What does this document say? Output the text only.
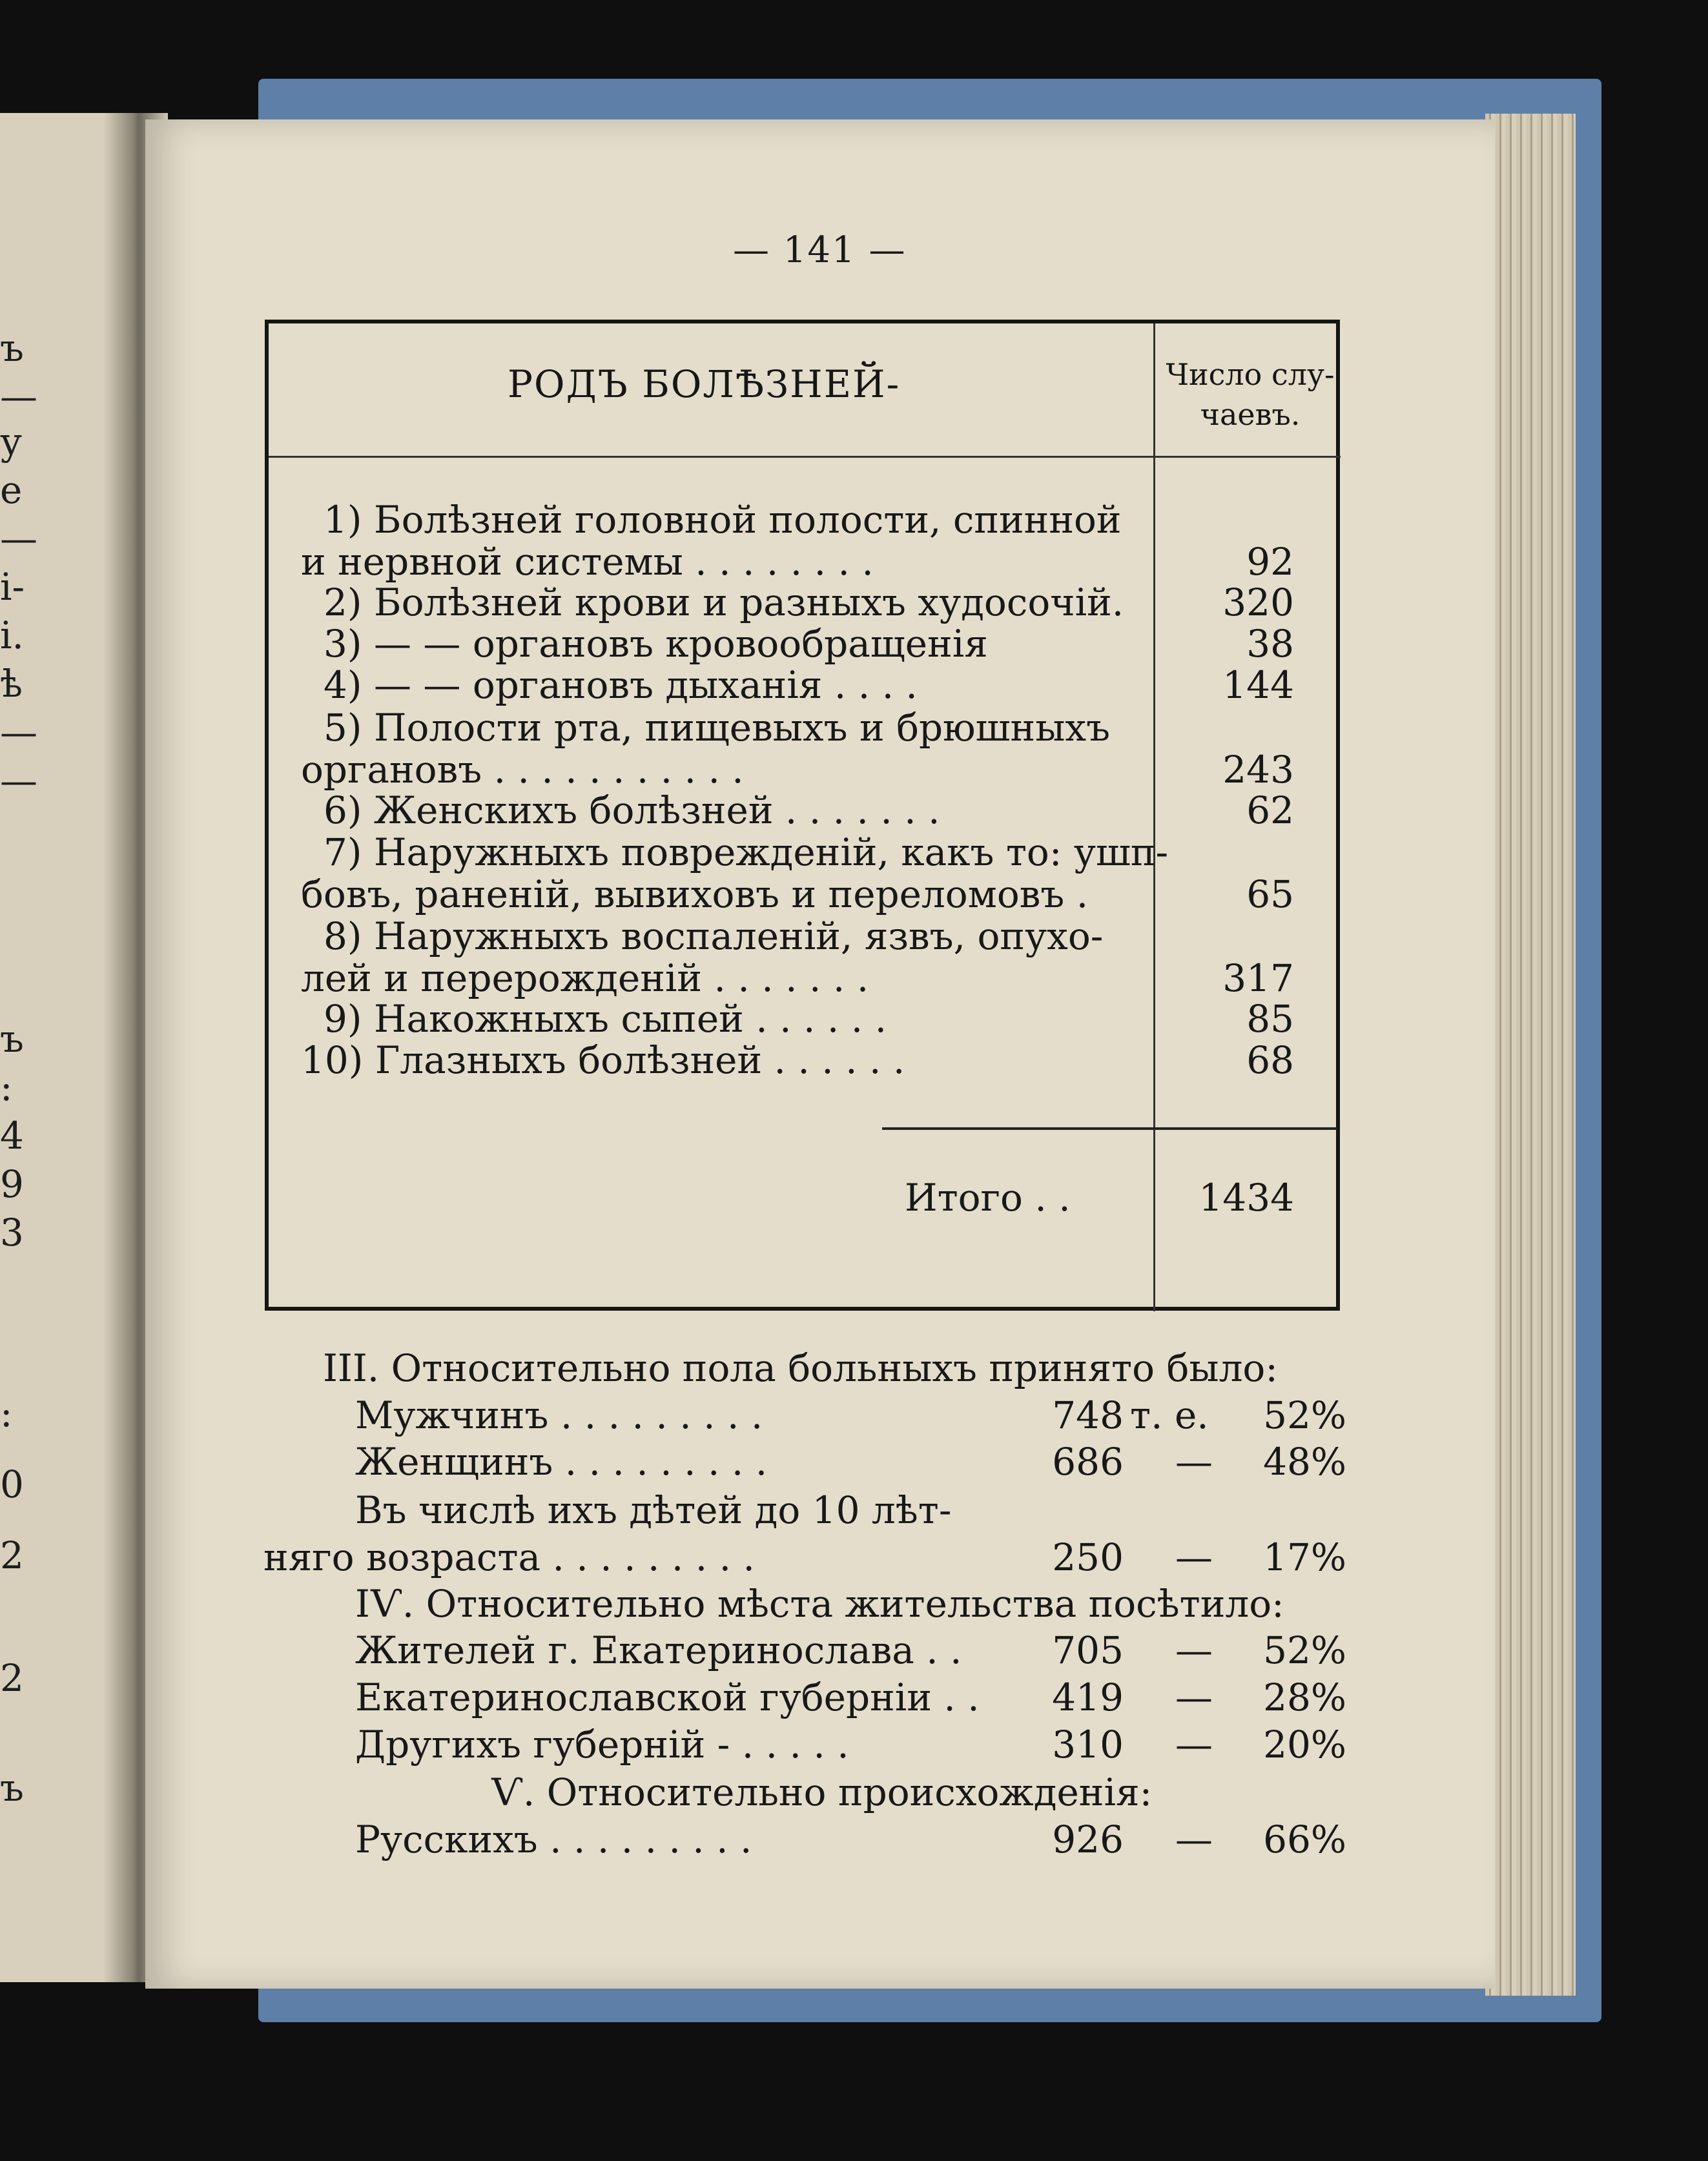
ъ
—
у
е
—
і-
і.
ѣ
—
—
ъ
:
4
9
3
:
0
2
2
ъ
— 141 —
РОДЪ БОЛѢЗНЕЙ-	Число слу-
чаевъ.
1) Болѣзней головной полости, спинной
и нервной системы . . . . . . . .	92
2) Болѣзней крови и разныхъ худосочій.	320
3) — — органовъ кровообращенія	38
4) — — органовъ дыханія . . . .	144
5) Полости рта, пищевыхъ и брюшныхъ
органовъ . . . . . . . . . . .	243
6) Женскихъ болѣзней . . . . . . .	62
7) Наружныхъ поврежденій, какъ то: ушп-
бовъ, раненій, вывиховъ и переломовъ .	65
8) Наружныхъ воспаленій, язвъ, опухо-
лей и перерожденій . . . . . . .	317
9) Накожныхъ сыпей . . . . . .	85
10) Глазныхъ болѣзней . . . . . .	68
Итого . .	1434
III. Относительно пола больныхъ принято было:
Мужчинъ . . . . . . . . .	748 т. е.	52%
Женщинъ . . . . . . . . .	686 —	48%
Въ числѣ ихъ дѣтей до 10 лѣт-
няго возраста . . . . . . . . .	250 —	17%
IѴ. Относительно мѣста жительства посѣтило:
Жителей г. Екатеринослава . .	705 —	52%
Екатеринославской губерніи . .	419 —	28%
Другихъ губерній - . . . . .	310 —	20%
Ѵ. Относительно происхожденія:
Русскихъ . . . . . . . . .	926 —	66%
